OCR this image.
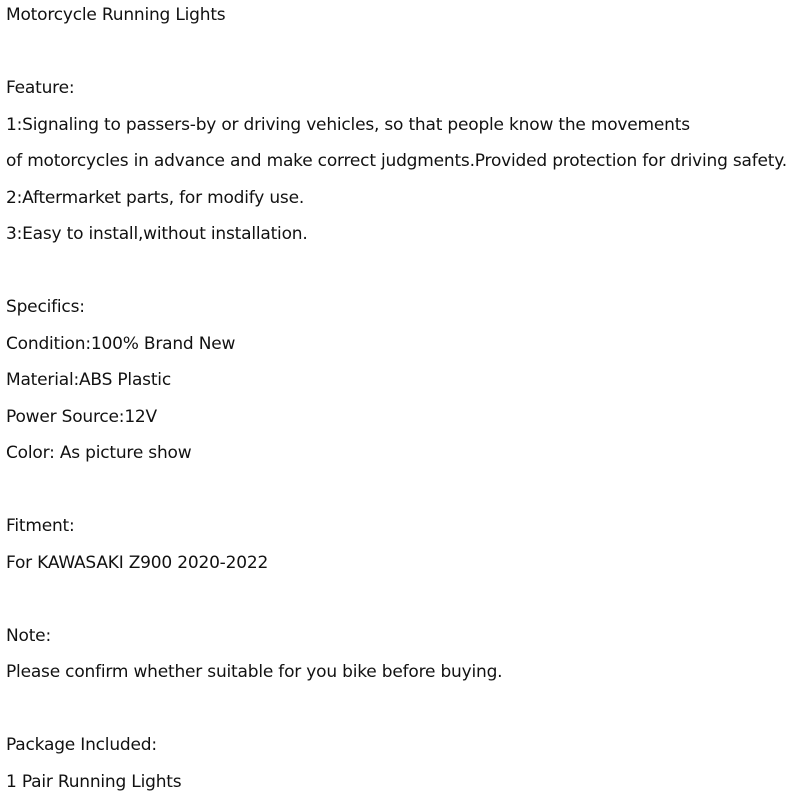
Motorcycle Running Lights
Feature:
1:Signaling to passers-by or driving vehicles, so that people know the movements
of motorcycles in advance and make correct judgments.Provided protection for driving safety.
2:Aftermarket parts, for modify use.
3:Easy to install,without installation.
Specifics:
Condition:100% Brand New
Material:ABS Plastic
Power Source:12V
Color: As picture show
Fitment:
For KAWASAKI Z900 2020-2022
Note:
Please confirm whether suitable for you bike before buying.
Package Included:
1 Pair Running Lights
